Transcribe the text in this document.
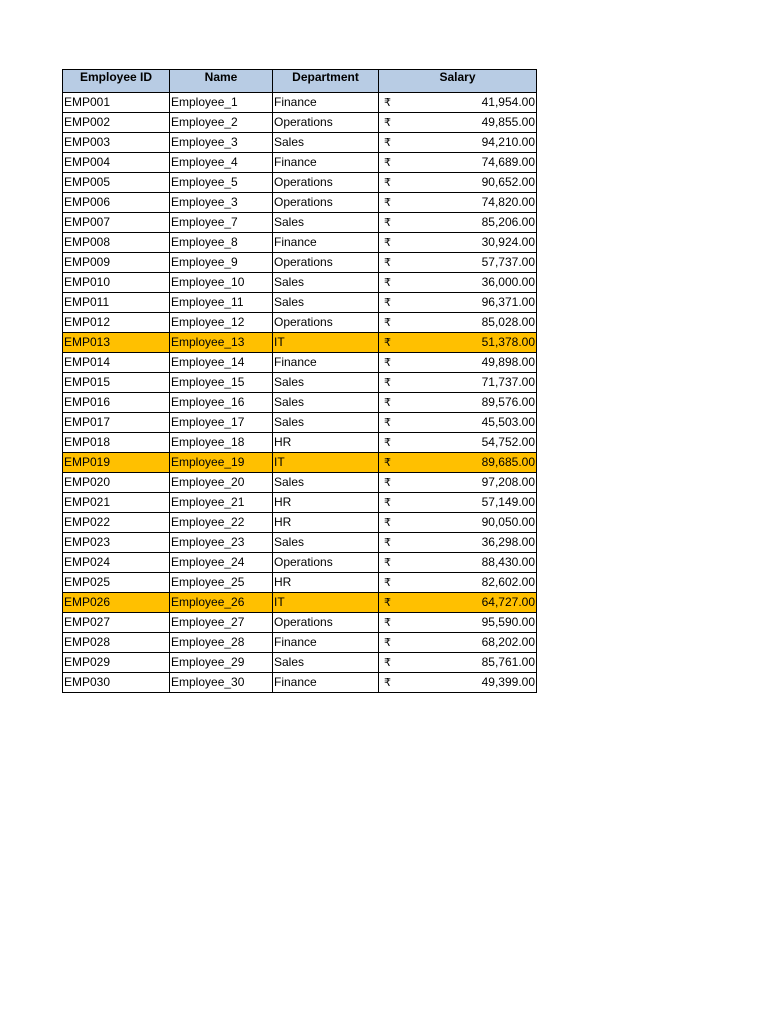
Employee ID	Name	Department	Salary
EMP001	Employee_1	Finance	₹ 41,954.00

EMP002	Employee_2	Operations	₹ 49,855.00

EMP003	Employee_3	Sales	₹ 94,210.00

EMP004	Employee_4	Finance	₹ 74,689.00

EMP005	Employee_5	Operations	₹ 90,652.00

EMP006	Employee_3	Operations	₹ 74,820.00

EMP007	Employee_7	Sales	₹ 85,206.00

EMP008	Employee_8	Finance	₹ 30,924.00

EMP009	Employee_9	Operations	₹ 57,737.00

EMP010	Employee_10	Sales	₹ 36,000.00

EMP011	Employee_11	Sales	₹ 96,371.00

EMP012	Employee_12	Operations	₹ 85,028.00

EMP013	Employee_13	IT	₹ 51,378.00

EMP014	Employee_14	Finance	₹ 49,898.00

EMP015	Employee_15	Sales	₹ 71,737.00

EMP016	Employee_16	Sales	₹ 89,576.00

EMP017	Employee_17	Sales	₹ 45,503.00

EMP018	Employee_18	HR	₹ 54,752.00

EMP019	Employee_19	IT	₹ 89,685.00

EMP020	Employee_20	Sales	₹ 97,208.00

EMP021	Employee_21	HR	₹ 57,149.00

EMP022	Employee_22	HR	₹ 90,050.00

EMP023	Employee_23	Sales	₹ 36,298.00

EMP024	Employee_24	Operations	₹ 88,430.00

EMP025	Employee_25	HR	₹ 82,602.00

EMP026	Employee_26	IT	₹ 64,727.00

EMP027	Employee_27	Operations	₹ 95,590.00

EMP028	Employee_28	Finance	₹ 68,202.00

EMP029	Employee_29	Sales	₹ 85,761.00

EMP030	Employee_30	Finance	₹ 49,399.00
